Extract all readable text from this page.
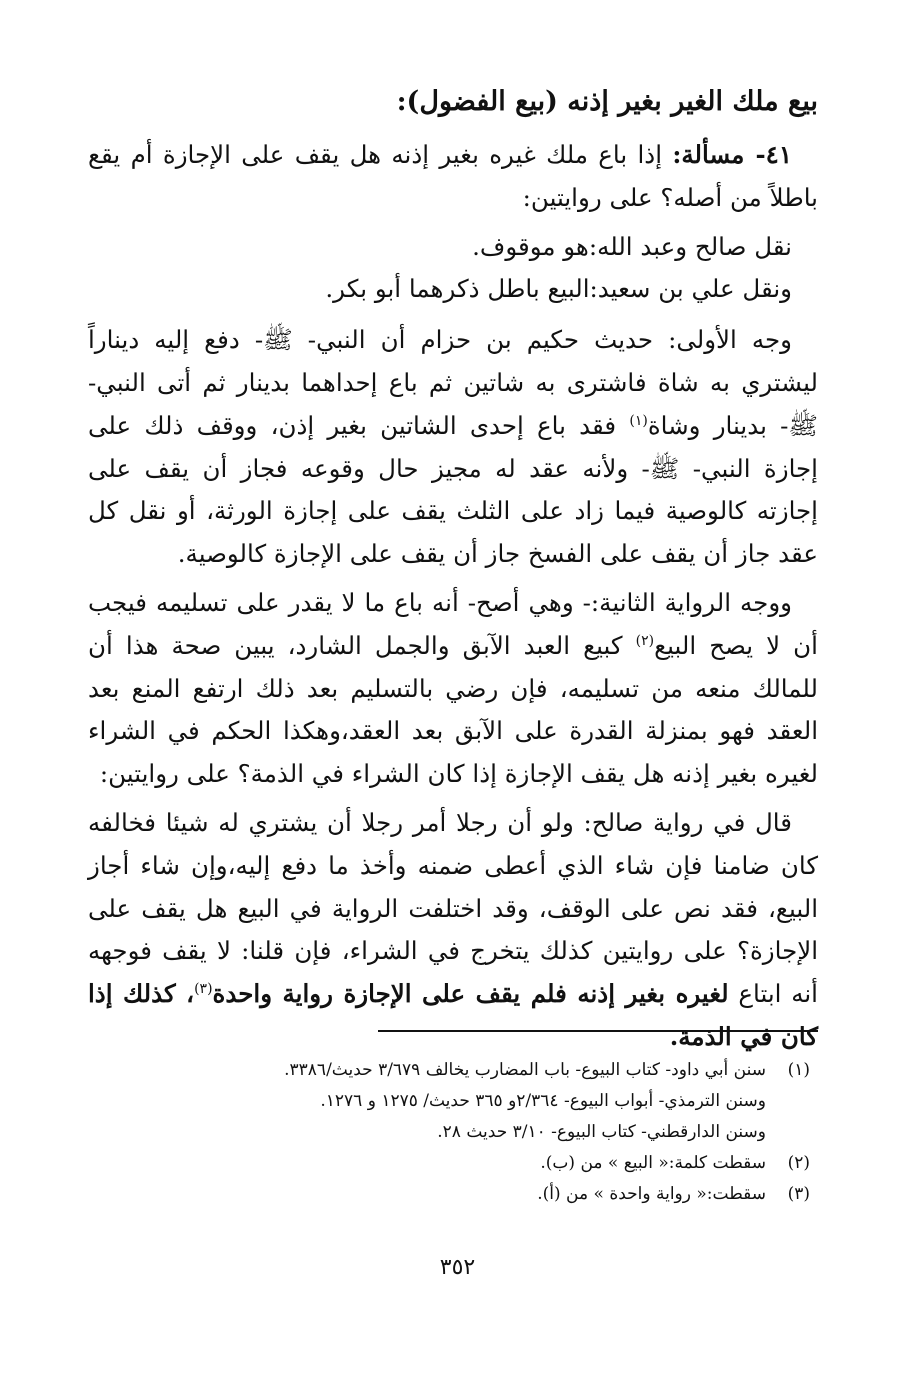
بيع ملك الغير بغير إذنه (بيع الفضول):

٤١- مسألة: إذا باع ملك غيره بغير إذنه هل يقف على الإجازة أم يقع باطلاً من أصله؟ على روايتين:

نقل صالح وعبد الله:هو موقوف.

ونقل علي بن سعيد:البيع باطل ذكرهما أبو بكر.

وجه الأولى: حديث حكيم بن حزام أن النبي- ﷺ- دفع إليه ديناراً ليشتري به شاة فاشترى به شاتين ثم باع إحداهما بدينار ثم أتى النبي- ﷺ- بدينار وشاة$^{(١)}$ فقد باع إحدى الشاتين بغير إذن، ووقف ذلك على إجازة النبي- ﷺ- ولأنه عقد له مجيز حال وقوعه فجاز أن يقف على إجازته كالوصية فيما زاد على الثلث يقف على إجازة الورثة، أو نقل كل عقد جاز أن يقف على الفسخ جاز أن يقف على الإجازة كالوصية.

ووجه الرواية الثانية:- وهي أصح- أنه باع ما لا يقدر على تسليمه فيجب أن لا يصح البيع$^{(٢)}$ كبيع العبد الآبق والجمل الشارد، يبين صحة هذا أن للمالك منعه من تسليمه، فإن رضي بالتسليم بعد ذلك ارتفع المنع بعد العقد فهو بمنزلة القدرة على الآبق بعد العقد،وهكذا الحكم في الشراء لغيره بغير إذنه هل يقف الإجازة إذا كان الشراء في الذمة؟ على روايتين:

قال في رواية صالح: ولو أن رجلا أمر رجلا أن يشتري له شيئا فخالفه كان ضامنا فإن شاء الذي أعطى ضمنه وأخذ ما دفع إليه،وإن شاء أجاز البيع، فقد نص على الوقف، وقد اختلفت الرواية في البيع هل يقف على الإجازة؟ على روايتين كذلك يتخرج في الشراء، فإن قلنا: لا يقف فوجهه أنه ابتاع لغيره بغير إذنه فلم يقف على الإجازة رواية واحدة$^{(٣)}$، كذلك إذا كان في الذمة.

(١)
سنن أبي داود- كتاب البيوع- باب المضارب يخالف ٣/٦٧٩ حديث/٣٣٨٦.
وسنن الترمذي- أبواب البيوع- ٢/٣٦٤و ٣٦٥ حديث/ ١٢٧٥ و ١٢٧٦.
وسنن الدارقطني- كتاب البيوع- ٣/١٠ حديث ٢٨.
(٢)
سقطت كلمة:« البيع » من (ب).
(٣)
سقطت:« رواية واحدة » من (أ).
٣٥٢
